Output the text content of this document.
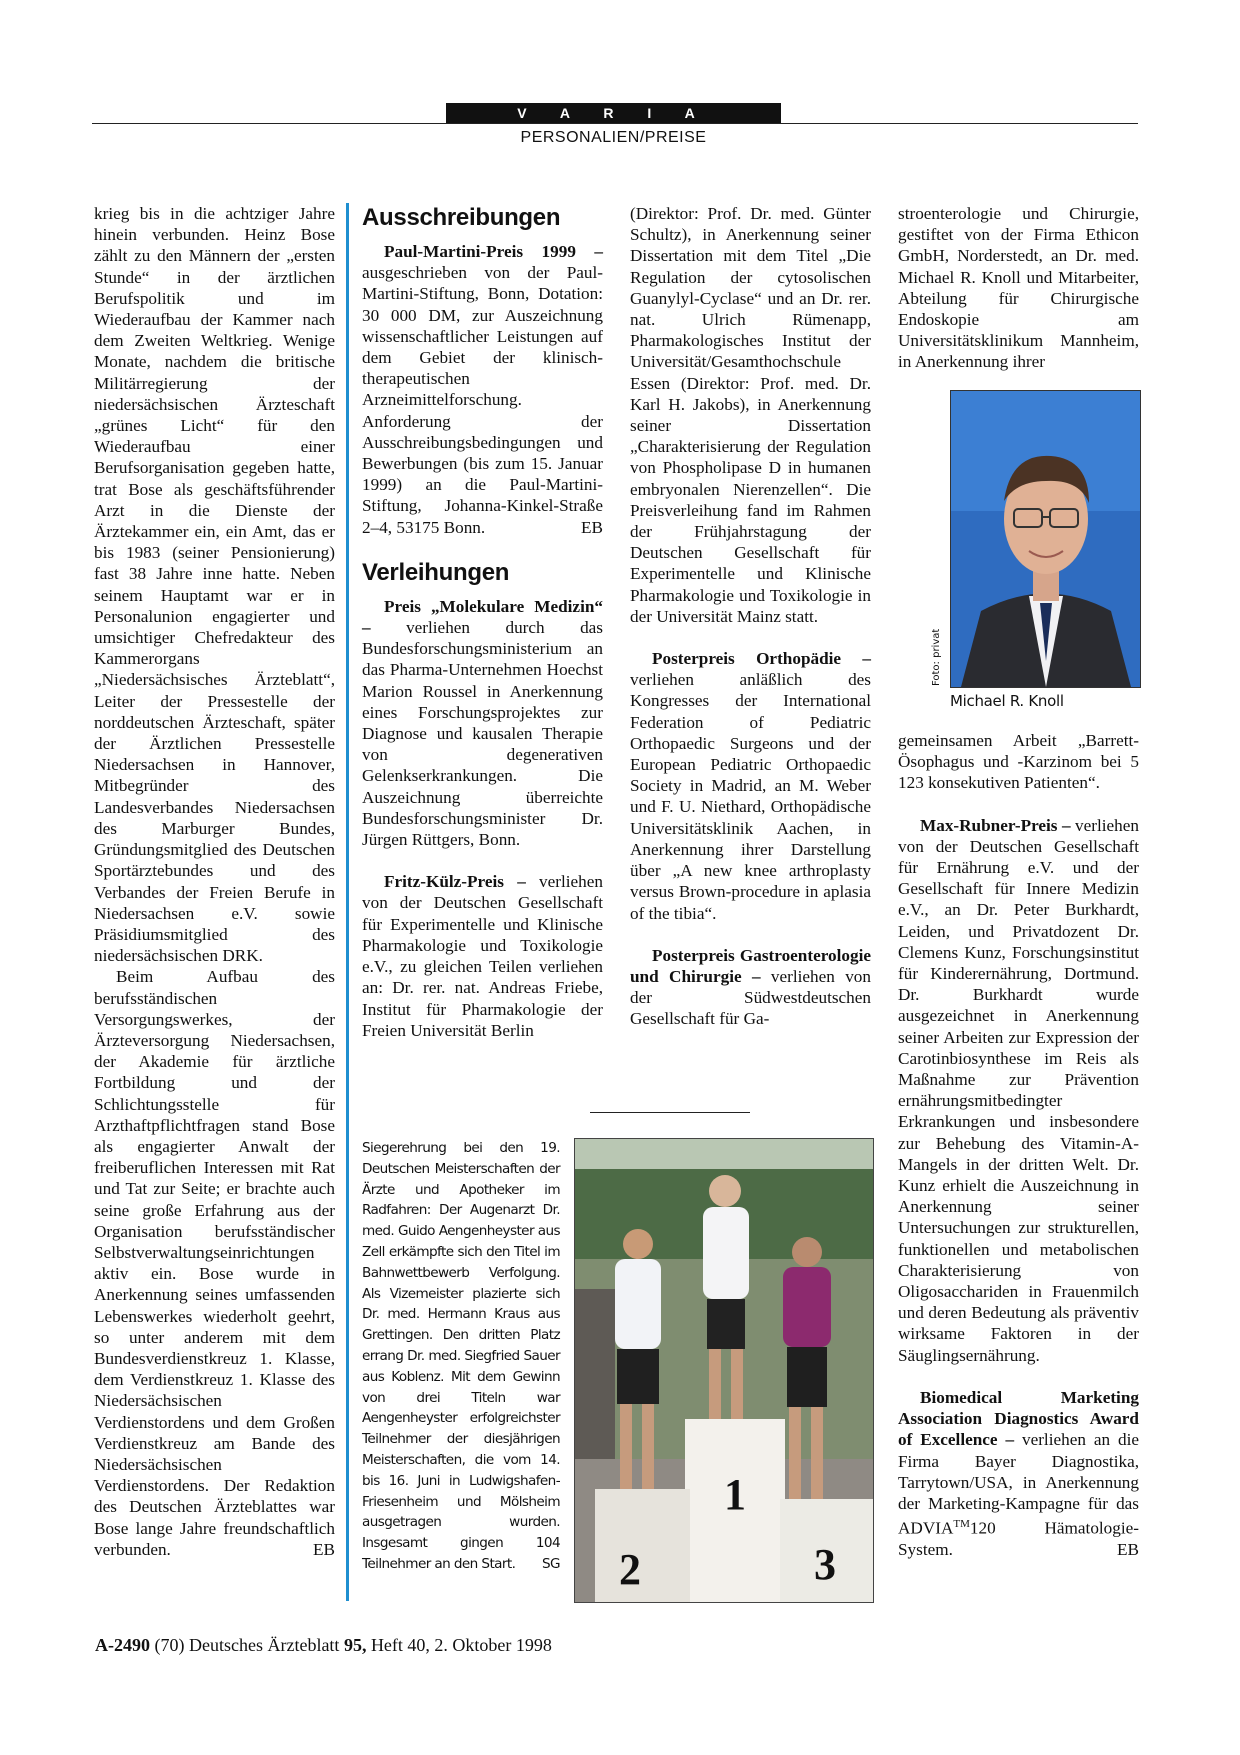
V A R I A
PERSONALIEN/PREISE

krieg bis in die achtziger Jahre hinein verbunden. Heinz Bose zählt zu den Männern der „ersten Stunde“ in der ärztlichen Berufspolitik und im Wiederaufbau der Kammer nach dem Zweiten Weltkrieg. Wenige Monate, nachdem die britische Militärregierung der niedersächsischen Ärzteschaft „grünes Licht“ für den Wiederaufbau einer Berufsorganisation gegeben hatte, trat Bose als geschäftsführender Arzt in die Dienste der Ärztekammer ein, ein Amt, das er bis 1983 (seiner Pensionierung) fast 38 Jahre inne hatte. Neben seinem Hauptamt war er in Personalunion engagierter und umsichtiger Chefredakteur des Kammerorgans „Niedersächsisches Ärzteblatt“, Leiter der Pressestelle der norddeutschen Ärzteschaft, später der Ärztlichen Pressestelle Niedersachsen in Hannover, Mitbegründer des Landesverbandes Niedersachsen des Marburger Bundes, Gründungsmitglied des Deutschen Sportärztebundes und des Verbandes der Freien Berufe in Niedersachsen e.V. sowie Präsidiumsmitglied des niedersächsischen DRK.

Beim Aufbau des berufsständischen Versorgungswerkes, der Ärzteversorgung Niedersachsen, der Akademie für ärztliche Fortbildung und der Schlichtungsstelle für Arzthaftpflichtfragen stand Bose als engagierter Anwalt der freiberuflichen Interessen mit Rat und Tat zur Seite; er brachte auch seine große Erfahrung aus der Organisation berufsständischer Selbstverwaltungseinrichtungen aktiv ein. Bose wurde in Anerkennung seines umfassenden Lebenswerkes wiederholt geehrt, so unter anderem mit dem Bundesverdienstkreuz 1. Klasse, dem Verdienstkreuz 1. Klasse des Niedersächsischen Verdienstordens und dem Großen Verdienstkreuz am Bande des Niedersächsischen Verdienstordens. Der Redaktion des Deutschen Ärzteblattes war Bose lange Jahre freundschaftlich verbunden.	EB

Ausschreibungen

Paul-Martini-Preis 1999 – ausgeschrieben von der Paul-Martini-Stiftung, Bonn, Dotation: 30 000 DM, zur Auszeichnung wissenschaftlicher Leistungen auf dem Gebiet der klinisch-therapeutischen Arzneimittelforschung. Anforderung der Ausschreibungsbedingungen und Bewerbungen (bis zum 15. Januar 1999) an die Paul-Martini-Stiftung, Johanna-Kinkel-Straße 2–4, 53175 Bonn.	EB

Verleihungen

Preis „Molekulare Medizin“ – verliehen durch das Bundesforschungsministerium an das Pharma-Unternehmen Hoechst Marion Roussel in Anerkennung eines Forschungsprojektes zur Diagnose und kausalen Therapie von degenerativen Gelenkserkrankungen. Die Auszeichnung überreichte Bundesforschungsminister Dr. Jürgen Rüttgers, Bonn.

Fritz-Külz-Preis – verliehen von der Deutschen Gesellschaft für Experimentelle und Klinische Pharmakologie und Toxikologie e.V., zu gleichen Teilen verliehen an: Dr. rer. nat. Andreas Friebe, Institut für Pharmakologie der Freien Universität Berlin

(Direktor: Prof. Dr. med. Günter Schultz), in Anerkennung seiner Dissertation mit dem Titel „Die Regulation der cytosolischen Guanylyl-Cyclase“ und an Dr. rer. nat. Ulrich Rümenapp, Pharmakologisches Institut der Universität/Gesamthochschule Essen (Direktor: Prof. med. Dr. Karl H. Jakobs), in Anerkennung seiner Dissertation „Charakterisierung der Regulation von Phospholipase D in humanen embryonalen Nierenzellen“. Die Preisverleihung fand im Rahmen der Frühjahrstagung der Deutschen Gesellschaft für Experimentelle und Klinische Pharmakologie und Toxikologie in der Universität Mainz statt.

Posterpreis Orthopädie – verliehen anläßlich des Kongresses der International Federation of Pediatric Orthopaedic Surgeons und der European Pediatric Orthopaedic Society in Madrid, an M. Weber und F. U. Niethard, Orthopädische Universitätsklinik Aachen, in Anerkennung ihrer Darstellung über „A new knee arthroplasty versus Brown-procedure in aplasia of the tibia“.

Posterpreis Gastroenterologie und Chirurgie – verliehen von der Südwestdeutschen Gesellschaft für Ga-

Siegerehrung bei den 19. Deutschen Meisterschaften der Ärzte und Apotheker im Radfahren: Der Augenarzt Dr. med. Guido Aengenheyster aus Zell erkämpfte sich den Titel im Bahnwettbewerb Verfolgung. Als Vizemeister plazierte sich Dr. med. Hermann Kraus aus Grettingen. Den dritten Platz errang Dr. med. Siegfried Sauer aus Koblenz. Mit dem Gewinn von drei Titeln war Aengenheyster erfolgreichster Teilnehmer der diesjährigen Meisterschaften, die vom 14. bis 16. Juni in Ludwigshafen-Friesenheim und Mölsheim ausgetragen wurden. Insgesamt gingen 104 Teilnehmer an den Start. SG
1
2	3

stroenterologie und Chirurgie, gestiftet von der Firma Ethicon GmbH, Norderstedt, an Dr. med. Michael R. Knoll und Mitarbeiter, Abteilung für Chirurgische Endoskopie am Universitätsklinikum Mannheim, in Anerkennung ihrer

Foto: privat
Michael R. Knoll

gemeinsamen Arbeit „Barrett-Ösophagus und -Karzinom bei 5 123 konsekutiven Patienten“.

Max-Rubner-Preis – verliehen von der Deutschen Gesellschaft für Ernährung e.V. und der Gesellschaft für Innere Medizin e.V., an Dr. Peter Burkhardt, Leiden, und Privatdozent Dr. Clemens Kunz, Forschungsinstitut für Kinderernährung, Dortmund. Dr. Burkhardt wurde ausgezeichnet in Anerkennung seiner Arbeiten zur Expression der Carotinbiosynthese im Reis als Maßnahme zur Prävention ernährungsmitbedingter Erkrankungen und insbesondere zur Behebung des Vitamin-A-Mangels in der dritten Welt. Dr. Kunz erhielt die Auszeichnung in Anerkennung seiner Untersuchungen zur strukturellen, funktionellen und metabolischen Charakterisierung von Oligosacchariden in Frauenmilch und deren Bedeutung als präventiv wirksame Faktoren in der Säuglingsernährung.

Biomedical Marketing Association Diagnostics Award of Excellence – verliehen an die Firma Bayer Diagnostika, Tarrytown/USA, in Anerkennung der Marketing-Kampagne für das ADVIA™120 Hämatologie-System.	EB

A-2490 (70) Deutsches Ärzteblatt 95, Heft 40, 2. Oktober 1998
